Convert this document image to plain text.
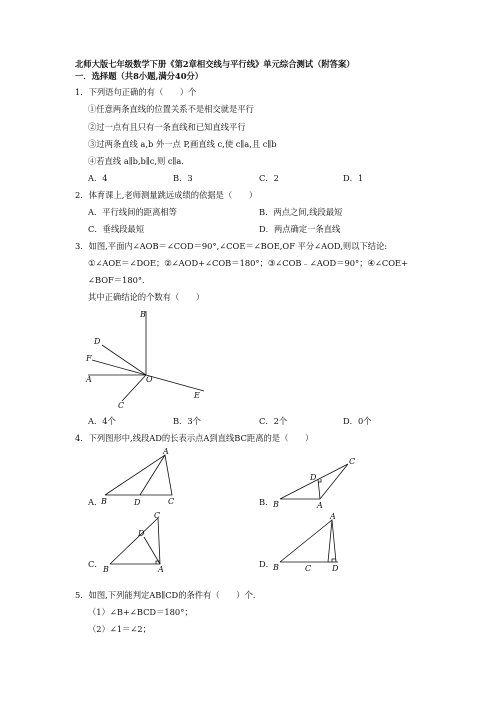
北师大版七年级数学下册《第2章相交线与平行线》单元综合测试（附答案）
一．选择题（共8小题,满分40分）
1．下列语句正确的有（　　）个
①任意两条直线的位置关系不是相交就是平行
②过一点有且只有一条直线和已知直线平行
③过两条直线 a,b 外一点 P,画直线 c,使 c∥a,且 c∥b
④若直线 a∥b,b∥c,则 c∥a．
A．4	B．3	C．2	D．1
2．体育课上,老师测量跳远成绩的依据是（　　）
A．平行线间的距离相等	B．两点之间,线段最短
C．垂线段最短	D．两点确定一条直线
3．如图,平面内∠AOB＝∠COD＝90°,∠COE＝∠BOE,OF 平分∠AOD,则以下结论:
①∠AOE＝∠DOE；②∠AOD+∠COB＝180°；③∠COB﹣∠AOD＝90°；④∠COE+
∠BOF＝180°．
其中正确结论的个数有（　　）
B
D
F
A	O
E
C
A．4个	B．3个	C．2个	D．0个
4．下列图形中,线段AD的长表示点A到直线BC距离的是（　　）
A．
A
B	D	C	B．
C
D
B	A
C．
C
D
B	A
D．
A
B	C	D
5．如图,下列能判定AB∥CD的条件有（　　）个．
（1）∠B+∠BCD＝180°；
（2）∠1＝∠2；
